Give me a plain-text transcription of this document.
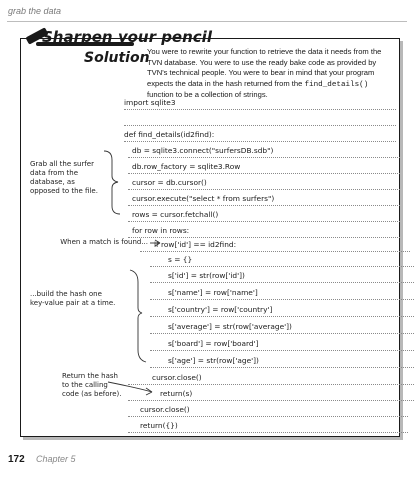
grab the data
Sharpen your pencil
Solution
You were to rewrite your function to retrieve the data it needs from the TVN database. You were to use the ready bake code as provided by TVN's technical people. You were to bear in mind that your program expects the data in the hash returned from the find_details() function to be a collection of strings.
import sqlite3
def find_details(id2find):
db = sqlite3.connect("surfersDB.sdb")
db.row_factory = sqlite3.Row
cursor = db.cursor()
cursor.execute("select * from surfers")
rows = cursor.fetchall()
for row in rows:
if row['id'] == id2find:
s = {}
s['id'] = str(row['id'])
s['name'] = row['name']
s['country'] = row['country']
s['average'] = str(row['average'])
s['board'] = row['board']
s['age'] = str(row['age'])
cursor.close()
return(s)
cursor.close()
return({})
Grab all the surfer data from the database, as opposed to the file.
When a match is found...
...build the hash one key-value pair at a time.
Return the hash to the calling code (as before).
172 Chapter 5
